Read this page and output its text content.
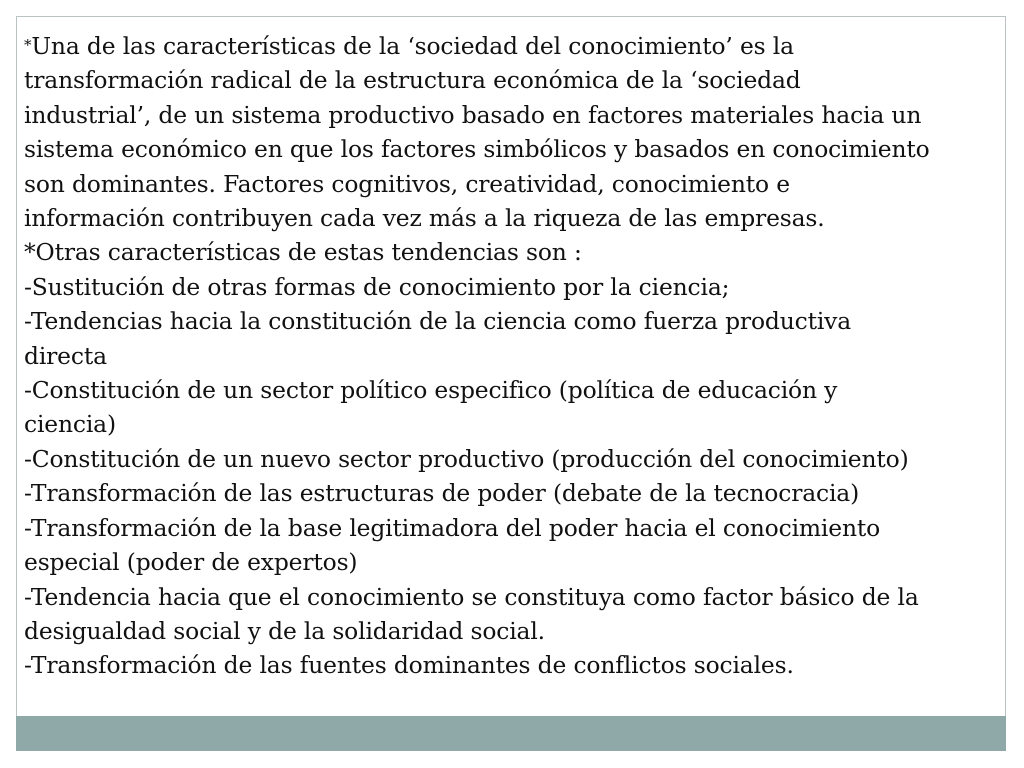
*Una de las características de la ‘sociedad del conocimiento’ es la
transformación radical de la estructura económica de la ‘sociedad
industrial’, de un sistema productivo basado en factores materiales hacia un
sistema económico en que los factores simbólicos y basados en conocimiento
son dominantes. Factores cognitivos, creatividad, conocimiento e
información contribuyen cada vez más a la riqueza de las empresas.
*Otras características de estas tendencias son :
-Sustitución de otras formas de conocimiento por la ciencia;
-Tendencias hacia la constitución de la ciencia como fuerza productiva
directa
-Constitución de un sector político especifico (política de educación y
ciencia)
-Constitución de un nuevo sector productivo (producción del conocimiento)
-Transformación de las estructuras de poder (debate de la tecnocracia)
-Transformación de la base legitimadora del poder hacia el conocimiento
especial (poder de expertos)
-Tendencia hacia que el conocimiento se constituya como factor básico de la
desigualdad social y de la solidaridad social.
-Transformación de las fuentes dominantes de conflictos sociales.
